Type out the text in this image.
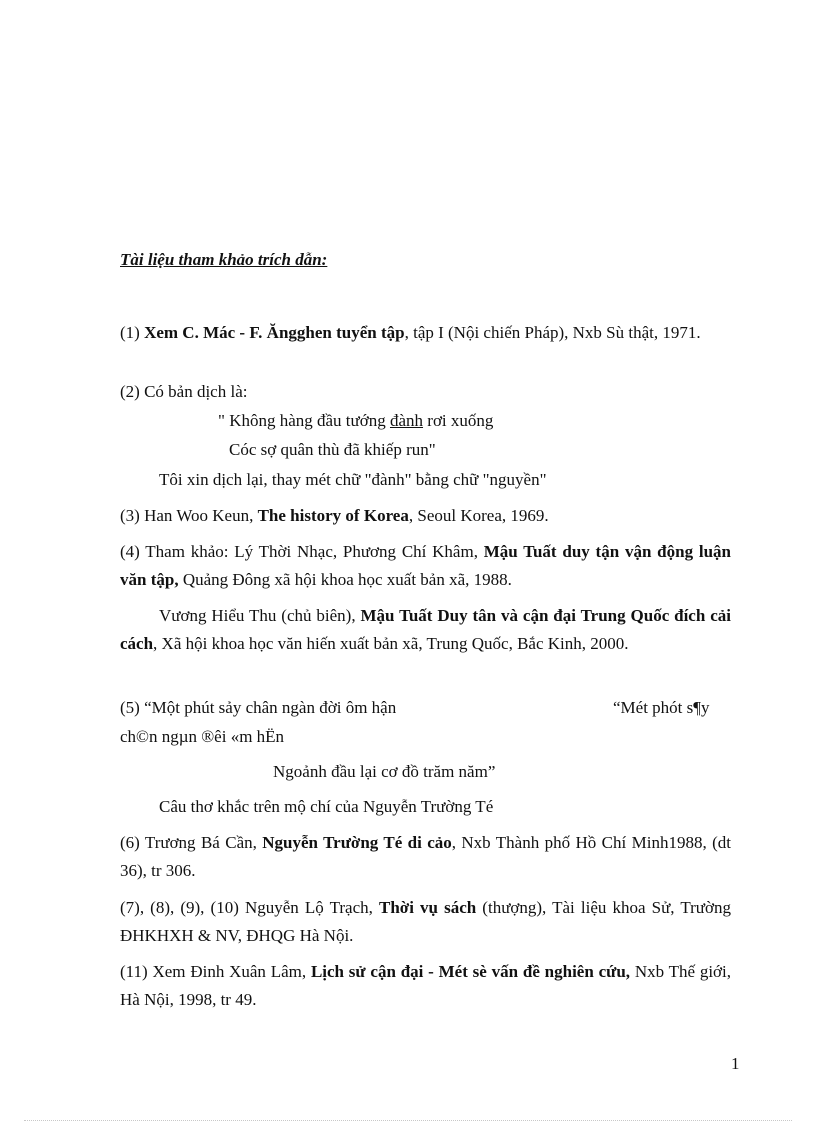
Tài liệu tham khảo trích dẫn:

(1) Xem C. Mác - F. Ăngghen tuyển tập, tập I (Nội chiến Pháp), Nxb Sù thật, 1971.

(2) Có bản dịch là:

" Không hàng đầu tướng đành rơi xuống

Cóc sợ quân thù đã khiếp run"

Tôi xin dịch lại, thay mét chữ "đành" bằng chữ "nguyền"

(3) Han Woo Keun, The history of Korea, Seoul Korea, 1969.

(4) Tham khảo: Lý Thời Nhạc, Phương Chí Khâm, Mậu Tuất duy tận vận động luận văn tập, Quảng Đông xã hội khoa học xuất bản xã, 1988.

Vương Hiểu Thu (chủ biên), Mậu Tuất Duy tân và cận đại Trung Quốc đích cải cách, Xã hội khoa học văn hiến xuất bản xã, Trung Quốc, Bắc Kinh, 2000.

(5) “Một phút sảy chân ngàn đời ôm hận	“Mét phót s¶y

ch©n ngµn ®êi «m hËn

Ngoảnh đầu lại cơ đồ trăm năm”

Câu thơ khắc trên mộ chí của Nguyễn Trường Té

(6) Trương Bá Cần, Nguyễn Trường Té di cảo, Nxb Thành phố Hồ Chí Minh1988, (dt 36), tr 306.

(7), (8), (9), (10) Nguyễn Lộ Trạch, Thời vụ sách (thượng), Tài liệu khoa Sử, Trường ĐHKHXH & NV, ĐHQG Hà Nội.

(11) Xem Đinh Xuân Lâm, Lịch sử cận đại - Mét sè vấn đề nghiên cứu, Nxb Thế giới, Hà Nội, 1998, tr 49.

1
